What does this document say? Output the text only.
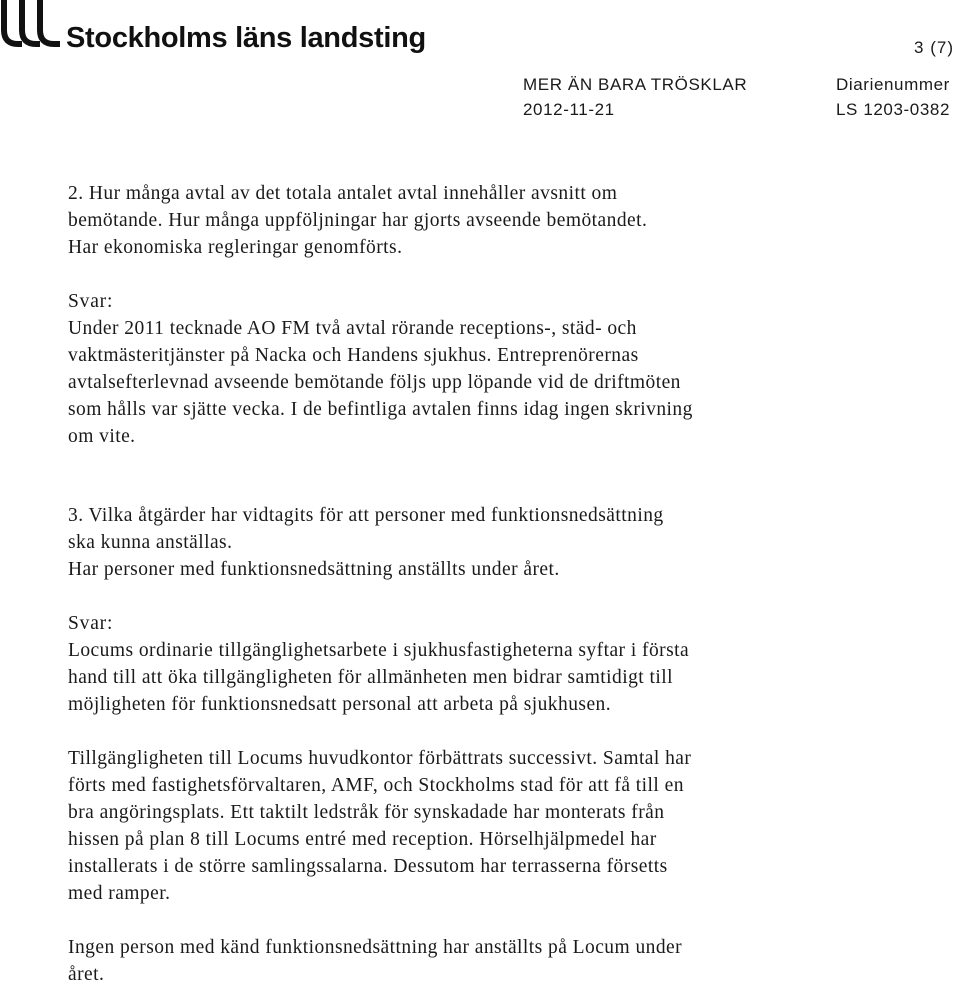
Stockholms läns landsting	3 (7)
MER ÄN BARA TRÖSKLAR
2012-11-21
Diarienummer
LS 1203-0382

2. Hur många avtal av det totala antalet avtal innehåller avsnitt om

bemötande. Hur många uppföljningar har gjorts avseende bemötandet.

Har ekonomiska regleringar genomförts.

Svar:

Under 2011 tecknade AO FM två avtal rörande receptions-, städ- och

vaktmästeritjänster på Nacka och Handens sjukhus. Entreprenörernas

avtalsefterlevnad avseende bemötande följs upp löpande vid de driftmöten

som hålls var sjätte vecka. I de befintliga avtalen finns idag ingen skrivning

om vite.

3. Vilka åtgärder har vidtagits för att personer med funktionsnedsättning

ska kunna anställas.

Har personer med funktionsnedsättning anställts under året.

Svar:

Locums ordinarie tillgänglighetsarbete i sjukhusfastigheterna syftar i första

hand till att öka tillgängligheten för allmänheten men bidrar samtidigt till

möjligheten för funktionsnedsatt personal att arbeta på sjukhusen.

Tillgängligheten till Locums huvudkontor förbättrats successivt. Samtal har

förts med fastighetsförvaltaren, AMF, och Stockholms stad för att få till en

bra angöringsplats. Ett taktilt ledstråk för synskadade har monterats från

hissen på plan 8 till Locums entré med reception. Hörselhjälpmedel har

installerats i de större samlingssalarna. Dessutom har terrasserna försetts

med ramper.

Ingen person med känd funktionsnedsättning har anställts på Locum under

året.
